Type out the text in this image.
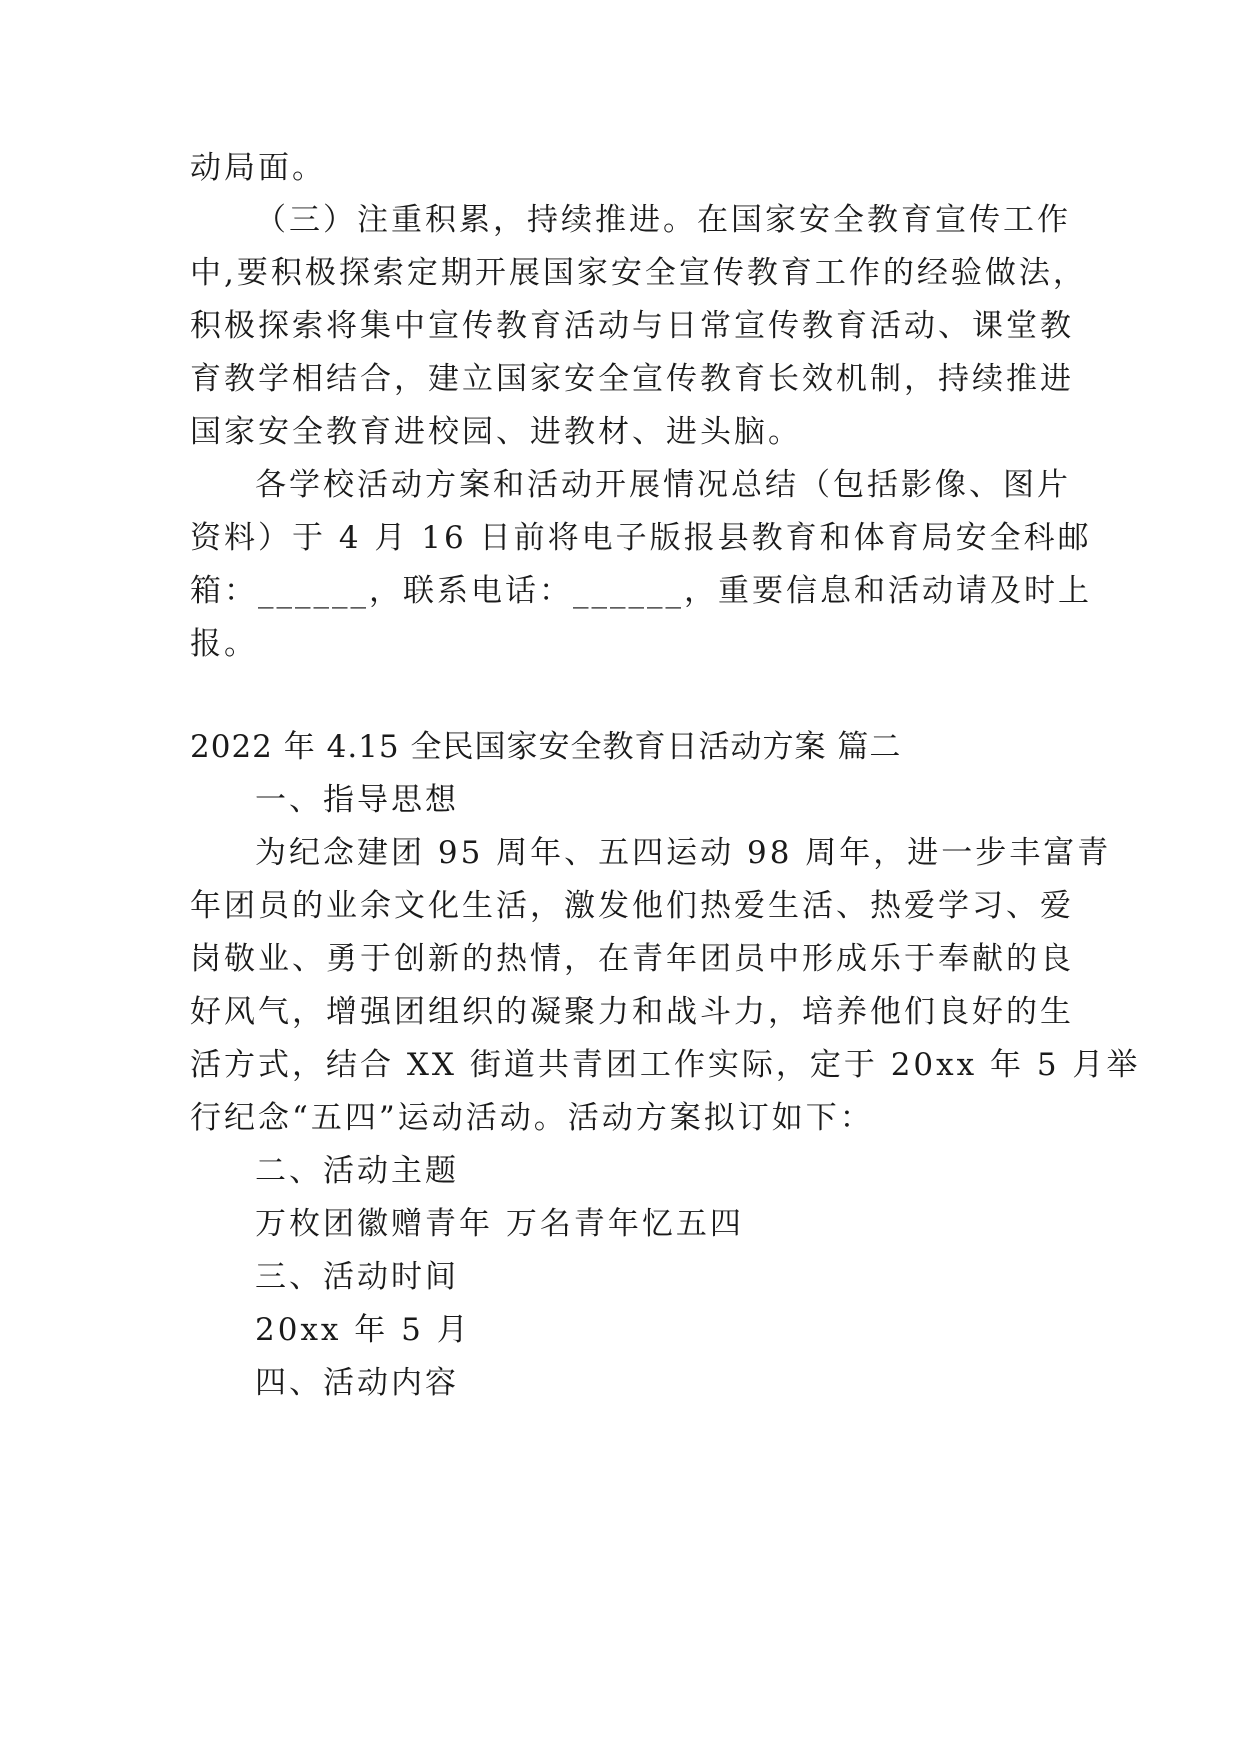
动局面。
（三）注重积累，持续推进。在国家安全教育宣传工作
中,要积极探索定期开展国家安全宣传教育工作的经验做法，
积极探索将集中宣传教育活动与日常宣传教育活动、课堂教
育教学相结合，建立国家安全宣传教育长效机制，持续推进
国家安全教育进校园、进教材、进头脑。
各学校活动方案和活动开展情况总结（包括影像、图片
资料）于 4 月 16 日前将电子版报县教育和体育局安全科邮
箱：______，联系电话：______，重要信息和活动请及时上
报。
2022 年 4.15 全民国家安全教育日活动方案 篇二
一、指导思想
为纪念建团 95 周年、五四运动 98 周年，进一步丰富青
年团员的业余文化生活，激发他们热爱生活、热爱学习、爱
岗敬业、勇于创新的热情，在青年团员中形成乐于奉献的良
好风气，增强团组织的凝聚力和战斗力，培养他们良好的生
活方式，结合 XX 街道共青团工作实际，定于 20xx 年 5 月举
行纪念“五四”运动活动。活动方案拟订如下：
二、活动主题
万枚团徽赠青年 万名青年忆五四
三、活动时间
20xx 年 5 月
四、活动内容
